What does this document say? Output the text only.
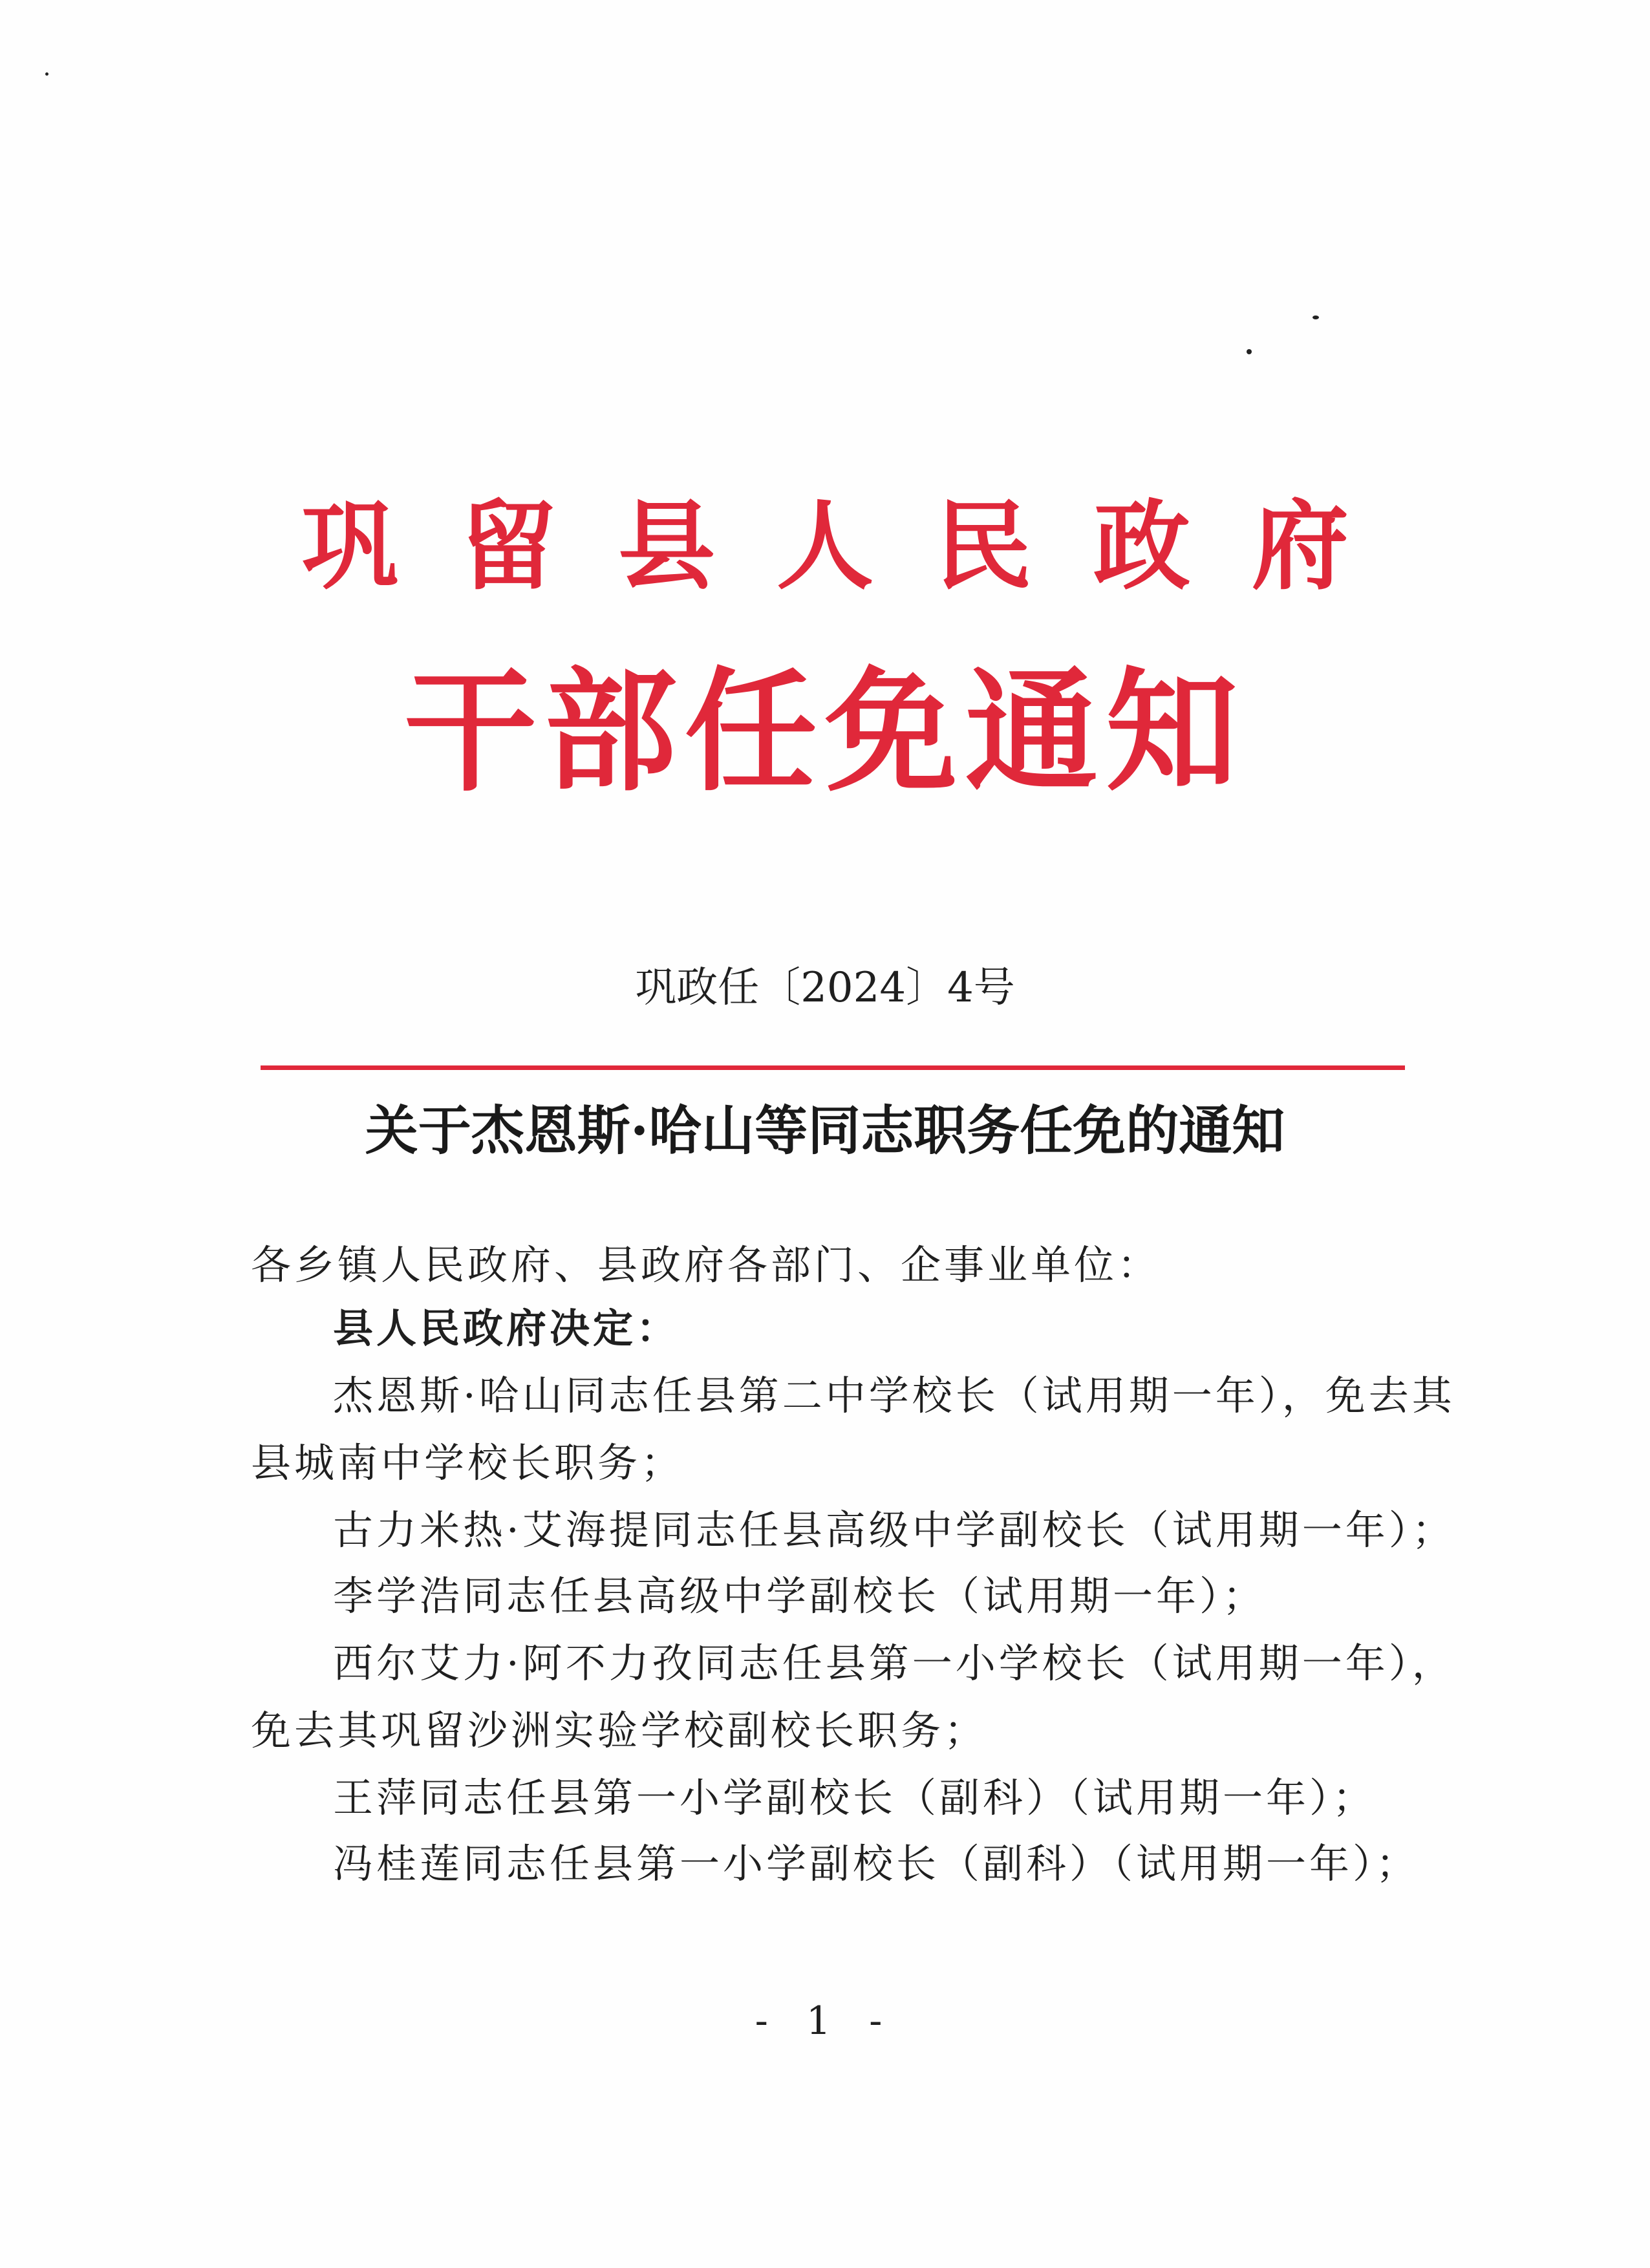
巩留县人民政府
干部任免通知
巩政任〔2024〕4号
关于杰恩斯·哈山等同志职务任免的通知
各乡镇人民政府、县政府各部门、企事业单位：
县人民政府决定：
杰恩斯·哈山同志任县第二中学校长（试用期一年），免去其
县城南中学校长职务；
古力米热·艾海提同志任县高级中学副校长（试用期一年）；
李学浩同志任县高级中学副校长（试用期一年）；
西尔艾力·阿不力孜同志任县第一小学校长（试用期一年），
免去其巩留沙洲实验学校副校长职务；
王萍同志任县第一小学副校长（副科）（试用期一年）；
冯桂莲同志任县第一小学副校长（副科）（试用期一年）；
- 1 -
